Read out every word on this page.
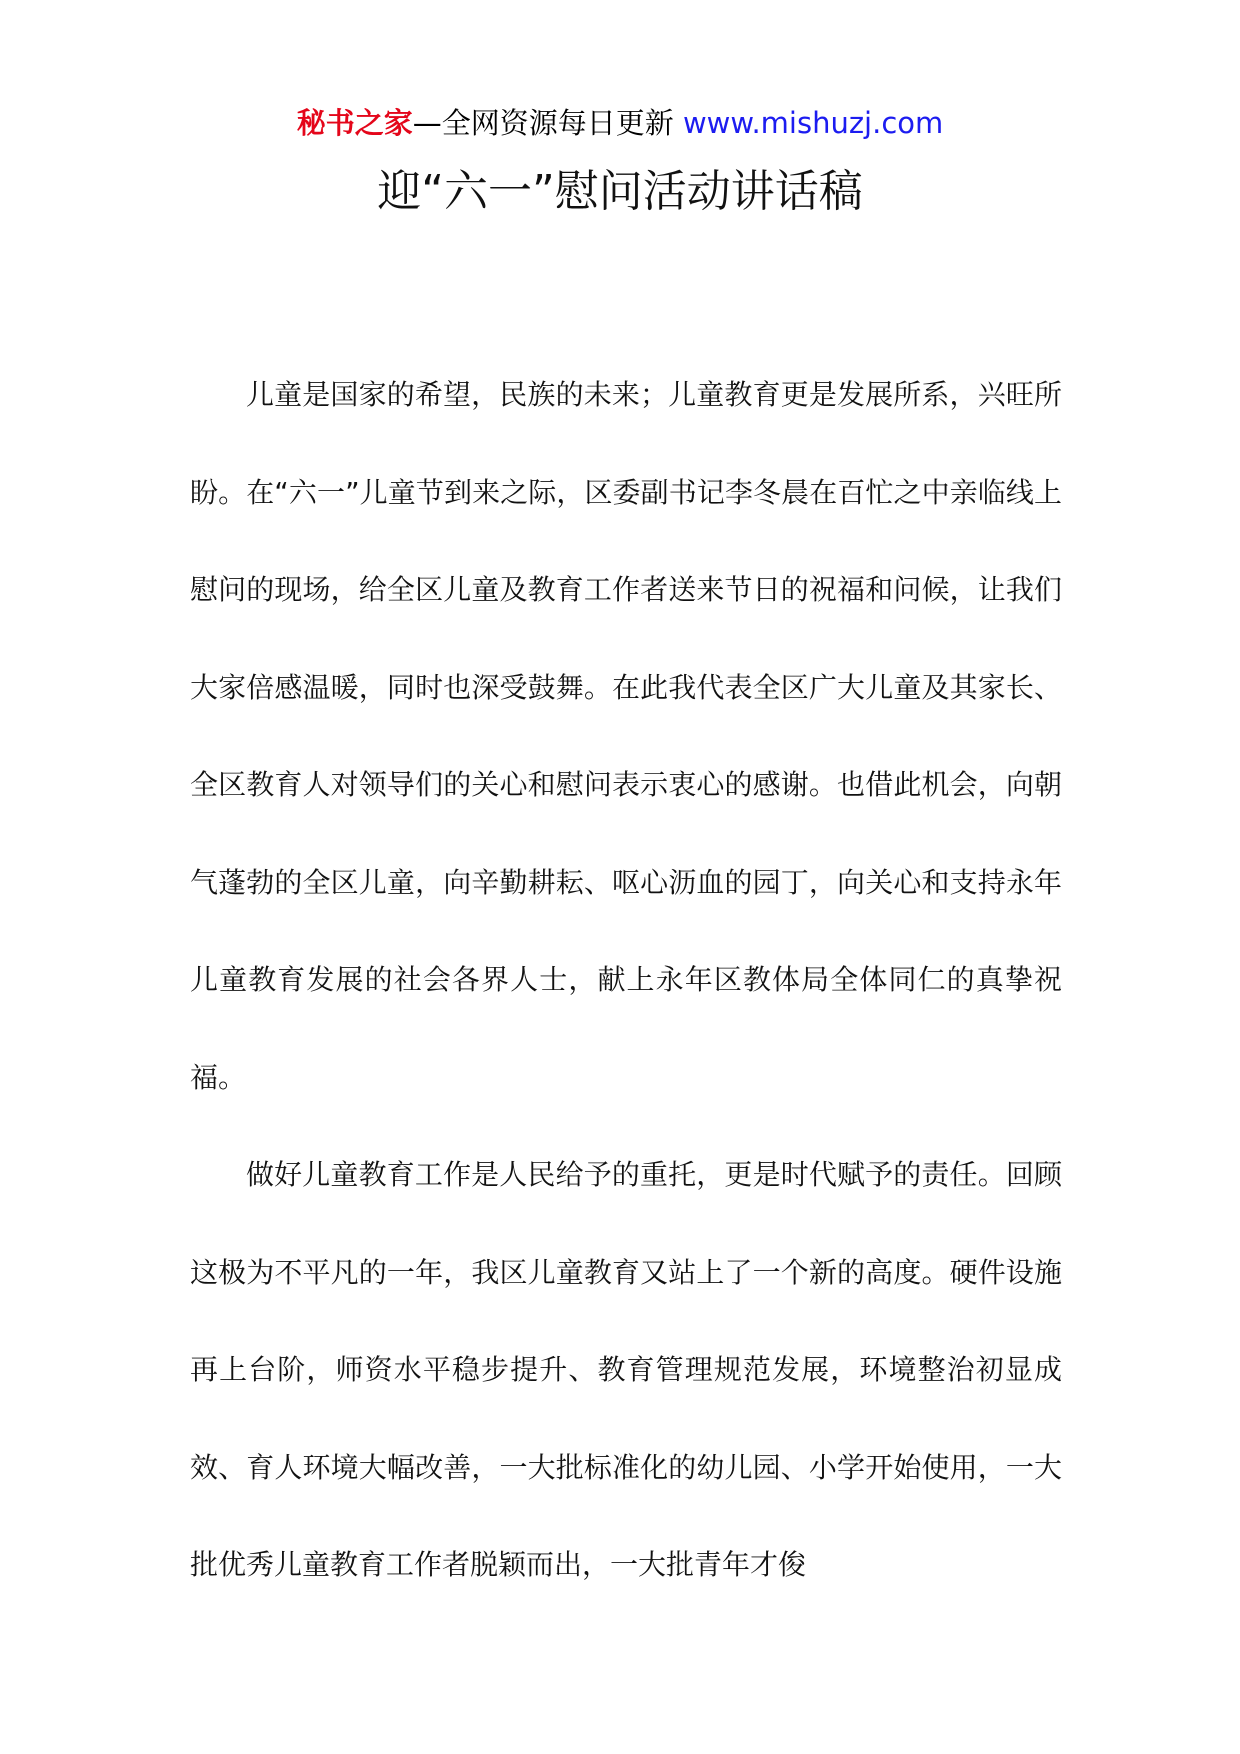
秘书之家—全网资源每日更新 www.mishuzj.com
迎“六一”慰问活动讲话稿

儿童是国家的希望，民族的未来；儿童教育更是发展所系，兴旺所盼。在“六一”儿童节到来之际，区委副书记李冬晨在百忙之中亲临线上慰问的现场，给全区儿童及教育工作者送来节日的祝福和问候，让我们大家倍感温暖，同时也深受鼓舞。在此我代表全区广大儿童及其家长、全区教育人对领导们的关心和慰问表示衷心的感谢。也借此机会，向朝气蓬勃的全区儿童，向辛勤耕耘、呕心沥血的园丁，向关心和支持永年儿童教育发展的社会各界人士，献上永年区教体局全体同仁的真挚祝福。

做好儿童教育工作是人民给予的重托，更是时代赋予的责任。回顾这极为不平凡的一年，我区儿童教育又站上了一个新的高度。硬件设施再上台阶，师资水平稳步提升、教育管理规范发展，环境整治初显成效、育人环境大幅改善，一大批标准化的幼儿园、小学开始使用，一大批优秀儿童教育工作者脱颖而出，一大批青年才俊
